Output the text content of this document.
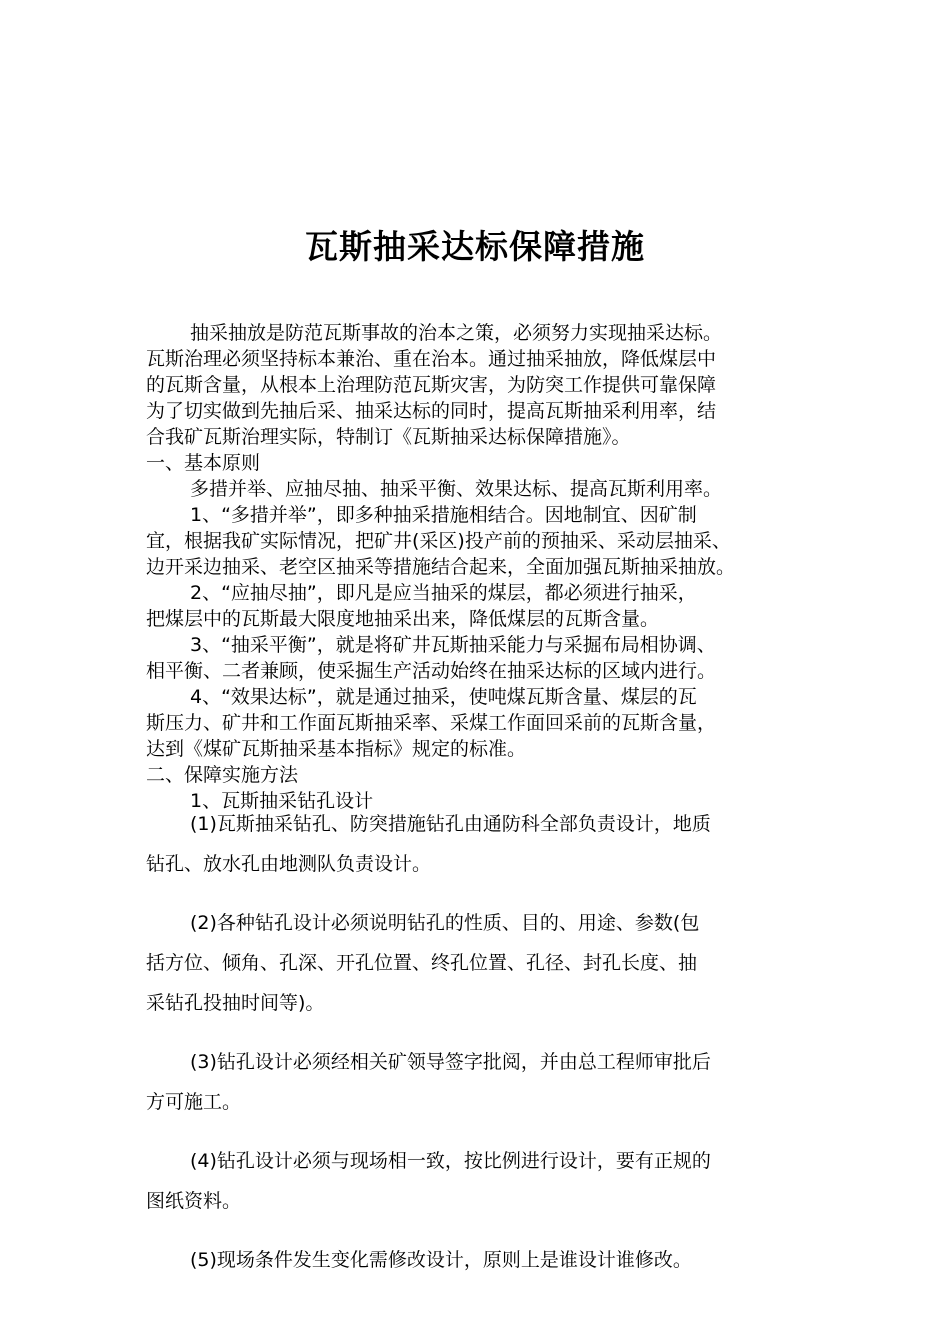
瓦斯抽采达标保障措施

抽采抽放是防范瓦斯事故的治本之策，必须努力实现抽采达标。

瓦斯治理必须坚持标本兼治、重在治本。通过抽采抽放，降低煤层中

的瓦斯含量，从根本上治理防范瓦斯灾害，为防突工作提供可靠保障

为了切实做到先抽后采、抽采达标的同时，提高瓦斯抽采利用率，结

合我矿瓦斯治理实际，特制订《瓦斯抽采达标保障措施》。

一、基本原则

多措并举、应抽尽抽、抽采平衡、效果达标、提高瓦斯利用率。

1、“多措并举”，即多种抽采措施相结合。因地制宜、因矿制

宜，根据我矿实际情况，把矿井(采区)投产前的预抽采、采动层抽采、

边开采边抽采、老空区抽采等措施结合起来，全面加强瓦斯抽采抽放。

2、“应抽尽抽”，即凡是应当抽采的煤层，都必须进行抽采，

把煤层中的瓦斯最大限度地抽采出来，降低煤层的瓦斯含量。

3、“抽采平衡”，就是将矿井瓦斯抽采能力与采掘布局相协调、

相平衡、二者兼顾，使采掘生产活动始终在抽采达标的区域内进行。

4、“效果达标”，就是通过抽采，使吨煤瓦斯含量、煤层的瓦

斯压力、矿井和工作面瓦斯抽采率、采煤工作面回采前的瓦斯含量，

达到《煤矿瓦斯抽采基本指标》规定的标准。

二、保障实施方法

1、瓦斯抽采钻孔设计

(1)瓦斯抽采钻孔、防突措施钻孔由通防科全部负责设计，地质

钻孔、放水孔由地测队负责设计。

(2)各种钻孔设计必须说明钻孔的性质、目的、用途、参数(包

括方位、倾角、孔深、开孔位置、终孔位置、孔径、封孔长度、抽

采钻孔投抽时间等)。

(3)钻孔设计必须经相关矿领导签字批阅，并由总工程师审批后

方可施工。

(4)钻孔设计必须与现场相一致，按比例进行设计，要有正规的

图纸资料。

(5)现场条件发生变化需修改设计，原则上是谁设计谁修改。
